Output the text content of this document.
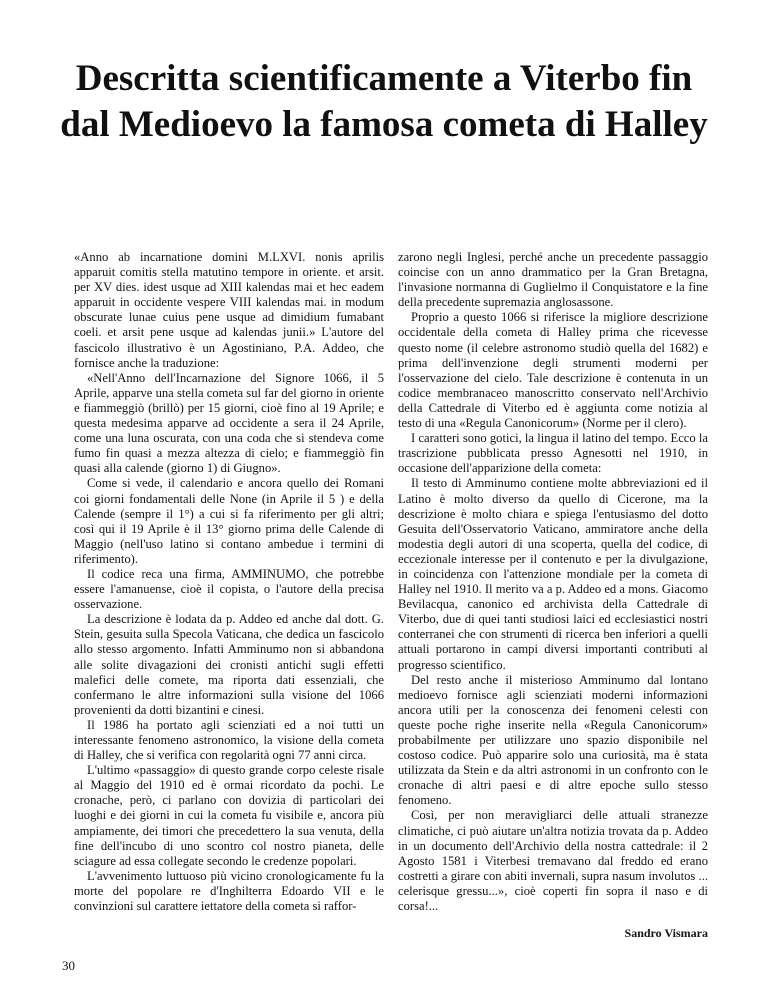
Descritta scientificamente a Viterbo fin
dal Medioevo la famosa cometa di Halley

«Anno ab incarnatione domini M.LXVI. nonis aprilis apparuit comitis stella matutino tempore in oriente. et arsit. per XV dies. idest usque ad XIII kalendas mai et hec eadem apparuit in occidente vespere VIII kalendas mai. in modum obscurate lunae cuius pene usque ad dimidium fumabant coeli. et arsit pene usque ad kalendas junii.» L'autore del fascicolo illustrativo è un Agostiniano, P.A. Addeo, che fornisce anche la traduzione:

«Nell'Anno dell'Incarnazione del Signore 1066, il 5 Aprile, apparve una stella cometa sul far del giorno in oriente e fiammeggiò (brillò) per 15 giorni, cioè fino al 19 Aprile; e questa medesima apparve ad occidente a sera il 24 Aprile, come una luna oscurata, con una coda che si stendeva come fumo fin quasi a mezza altezza di cielo; e fiammeggiò fin quasi alla calende (giorno 1) di Giugno».

Come si vede, il calendario e ancora quello dei Romani coi giorni fondamentali delle None (in Aprile il 5 ) e della Calende (sempre il 1°) a cui si fa riferimento per gli altri; così qui il 19 Aprile è il 13° giorno prima delle Calende di Maggio (nell'uso latino si contano ambedue i termini di riferimento).

Il codice reca una firma, AMMINUMO, che potrebbe essere l'amanuense, cioè il copista, o l'autore della precisa osservazione.

La descrizione è lodata da p. Addeo ed anche dal dott. G. Stein, gesuita sulla Specola Vaticana, che dedica un fascicolo allo stesso argomento. Infatti Amminumo non si abbandona alle solite divagazioni dei cronisti antichi sugli effetti malefici delle comete, ma riporta dati essenziali, che confermano le altre informazioni sulla visione del 1066 provenienti da dotti bizantini e cinesi.

Il 1986 ha portato agli scienziati ed a noi tutti un interessante fenomeno astronomico, la visione della cometa di Halley, che si verifica con regolarità ogni 77 anni circa.

L'ultimo «passaggio» di questo grande corpo celeste risale al Maggio del 1910 ed è ormai ricordato da pochi. Le cronache, però, ci parlano con dovizia di particolari dei luoghi e dei giorni in cui la cometa fu visibile e, ancora più ampiamente, dei timori che precedettero la sua venuta, della fine dell'incubo di uno scontro col nostro pianeta, delle sciagure ad essa collegate secondo le credenze popolari.

L'avvenimento luttuoso più vicino cronologicamente fu la morte del popolare re d'Inghilterra Edoardo VII e le convinzioni sul carattere iettatore della cometa si raffor-

zarono negli Inglesi, perché anche un precedente passaggio coincise con un anno drammatico per la Gran Bretagna, l'invasione normanna di Guglielmo il Conquistatore e la fine della precedente supremazia anglosassone.

Proprio a questo 1066 si riferisce la migliore descrizione occidentale della cometa di Halley prima che ricevesse questo nome (il celebre astronomo studiò quella del 1682) e prima dell'invenzione degli strumenti moderni per l'osservazione del cielo. Tale descrizione è contenuta in un codice membranaceo manoscritto conservato nell'Archivio della Cattedrale di Viterbo ed è aggiunta come notizia al testo di una «Regula Canonicorum» (Norme per il clero).

I caratteri sono gotici, la lingua il latino del tempo. Ecco la trascrizione pubblicata presso Agnesotti nel 1910, in occasione dell'apparizione della cometa:

Il testo di Amminumo contiene molte abbreviazioni ed il Latino è molto diverso da quello di Cicerone, ma la descrizione è molto chiara e spiega l'entusiasmo del dotto Gesuita dell'Osservatorio Vaticano, ammiratore anche della modestia degli autori di una scoperta, quella del codice, di eccezionale interesse per il contenuto e per la divulgazione, in coincidenza con l'attenzione mondiale per la cometa di Halley nel 1910. Il merito va a p. Addeo ed a mons. Giacomo Bevilacqua, canonico ed archivista della Cattedrale di Viterbo, due di quei tanti studiosi laici ed ecclesiastici nostri conterranei che con strumenti di ricerca ben inferiori a quelli attuali portarono in campi diversi importanti contributi al progresso scientifico.

Del resto anche il misterioso Amminumo dal lontano medioevo fornisce agli scienziati moderni informazioni ancora utili per la conoscenza dei fenomeni celesti con queste poche righe inserite nella «Regula Canonicorum» probabilmente per utilizzare uno spazio disponibile nel costoso codice. Può apparire solo una curiosità, ma è stata utilizzata da Stein e da altri astronomi in un confronto con le cronache di altri paesi e di altre epoche sullo stesso fenomeno.

Così, per non meravigliarci delle attuali stranezze climatiche, ci può aiutare un'altra notizia trovata da p. Addeo in un documento dell'Archivio della nostra cattedrale: il 2 Agosto 1581 i Viterbesi tremavano dal freddo ed erano costretti a girare con abiti invernali, supra nasum involutos ... celerisque gressu...», cioè coperti fin sopra il naso e di corsa!...

Sandro Vismara
30
